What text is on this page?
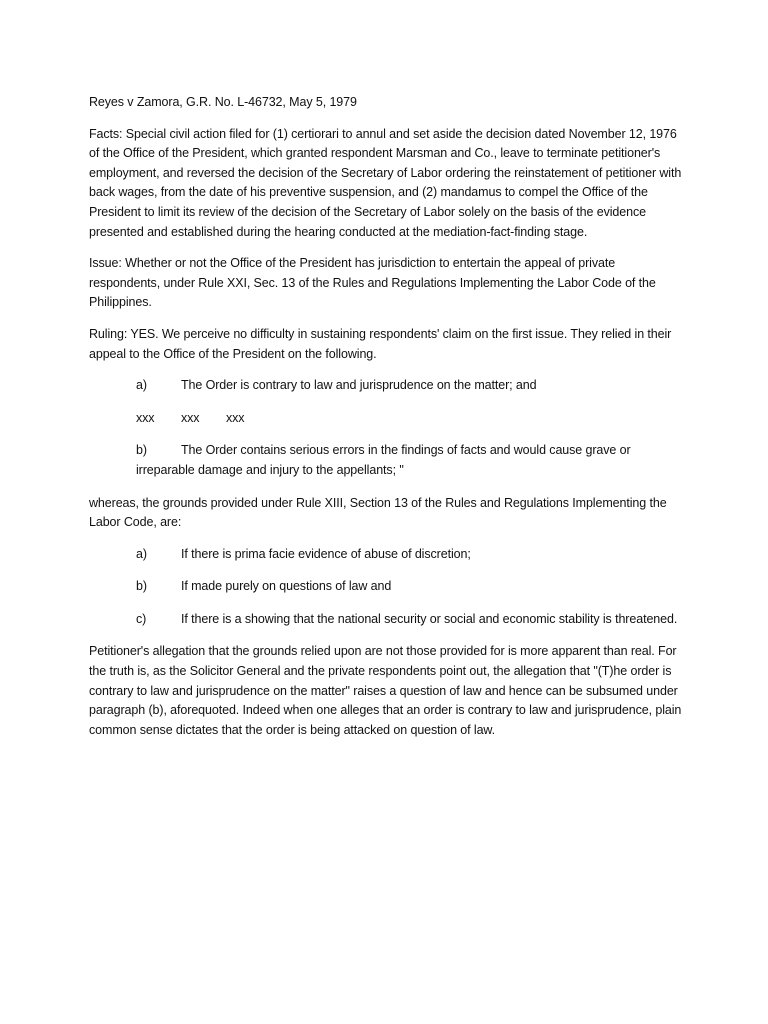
Reyes v Zamora, G.R. No. L-46732, May 5, 1979

Facts: Special civil action filed for (1) certiorari to annul and set aside the decision dated November 12, 1976 of the Office of the President, which granted respondent Marsman and Co., leave to terminate petitioner's employment, and reversed the decision of the Secretary of Labor ordering the reinstatement of petitioner with back wages, from the date of his preventive suspension, and (2) mandamus to compel the Office of the President to limit its review of the decision of the Secretary of Labor solely on the basis of the evidence presented and established during the hearing conducted at the mediation-fact-finding stage.

Issue: Whether or not the Office of the President has jurisdiction to entertain the appeal of private respondents, under Rule XXI, Sec. 13 of the Rules and Regulations Implementing the Labor Code of the Philippines.

Ruling: YES. We perceive no difficulty in sustaining respondents' claim on the first issue. They relied in their appeal to the Office of the President on the following.

a)	The Order is contrary to law and jurisprudence on the matter; and
xxx	xxx	xxx
b)	The Order contains serious errors in the findings of facts and would cause grave or irreparable damage and injury to the appellants; "

whereas, the grounds provided under Rule XIII, Section 13 of the Rules and Regulations Implementing the Labor Code, are:

a)	If there is prima facie evidence of abuse of discretion;
b)	If made purely on questions of law and
c)	If there is a showing that the national security or social and economic stability is threatened.

Petitioner's allegation that the grounds relied upon are not those provided for is more apparent than real. For the truth is, as the Solicitor General and the private respondents point out, the allegation that "(T)he order is contrary to law and jurisprudence on the matter" raises a question of law and hence can be subsumed under paragraph (b), aforequoted. Indeed when one alleges that an order is contrary to law and jurisprudence, plain common sense dictates that the order is being attacked on question of law.
